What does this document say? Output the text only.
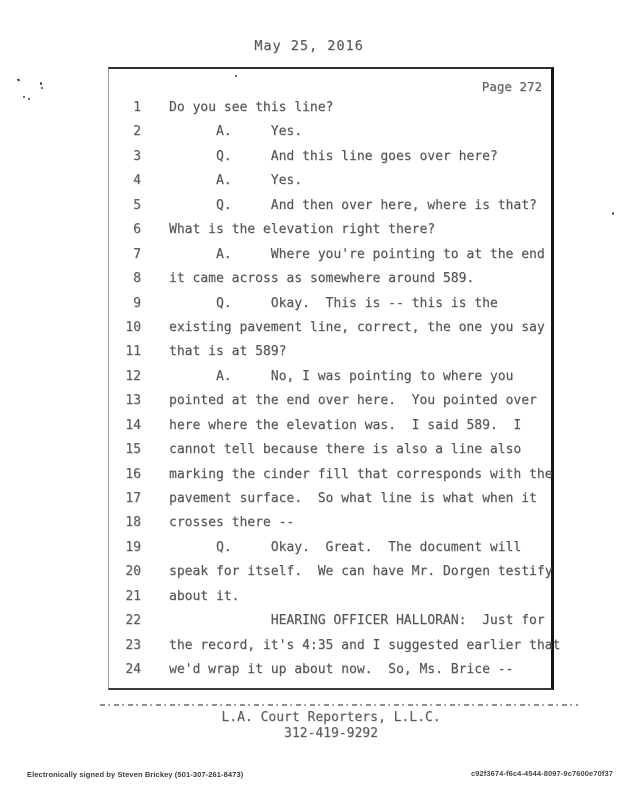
May 25, 2016
Page 272
1 Do you see this line?
2 A.     Yes.
3 Q.     And this line goes over here?
4 A.     Yes.
5 Q.     And then over here, where is that?
6 What is the elevation right there?
7 A.     Where you're pointing to at the end
8 it came across as somewhere around 589.
9 Q.     Okay.  This is -- this is the
10 existing pavement line, correct, the one you say
11 that is at 589?
12 A.     No, I was pointing to where you
13 pointed at the end over here.  You pointed over
14 here where the elevation was.  I said 589.  I
15 cannot tell because there is also a line also
16 marking the cinder fill that corresponds with the
17 pavement surface.  So what line is what when it
18 crosses there --
19 Q.     Okay.  Great.  The document will
20 speak for itself.  We can have Mr. Dorgen testify
21 about it.
22 HEARING OFFICER HALLORAN:  Just for
23 the record, it's 4:35 and I suggested earlier that
24 we'd wrap it up about now.  So, Ms. Brice --
L.A. Court Reporters, L.L.C.
312-419-9292
Electronically signed by Steven Brickey (501-307-261-8473)	c92f3674-f6c4-4544-8097-9c7600e70f37
